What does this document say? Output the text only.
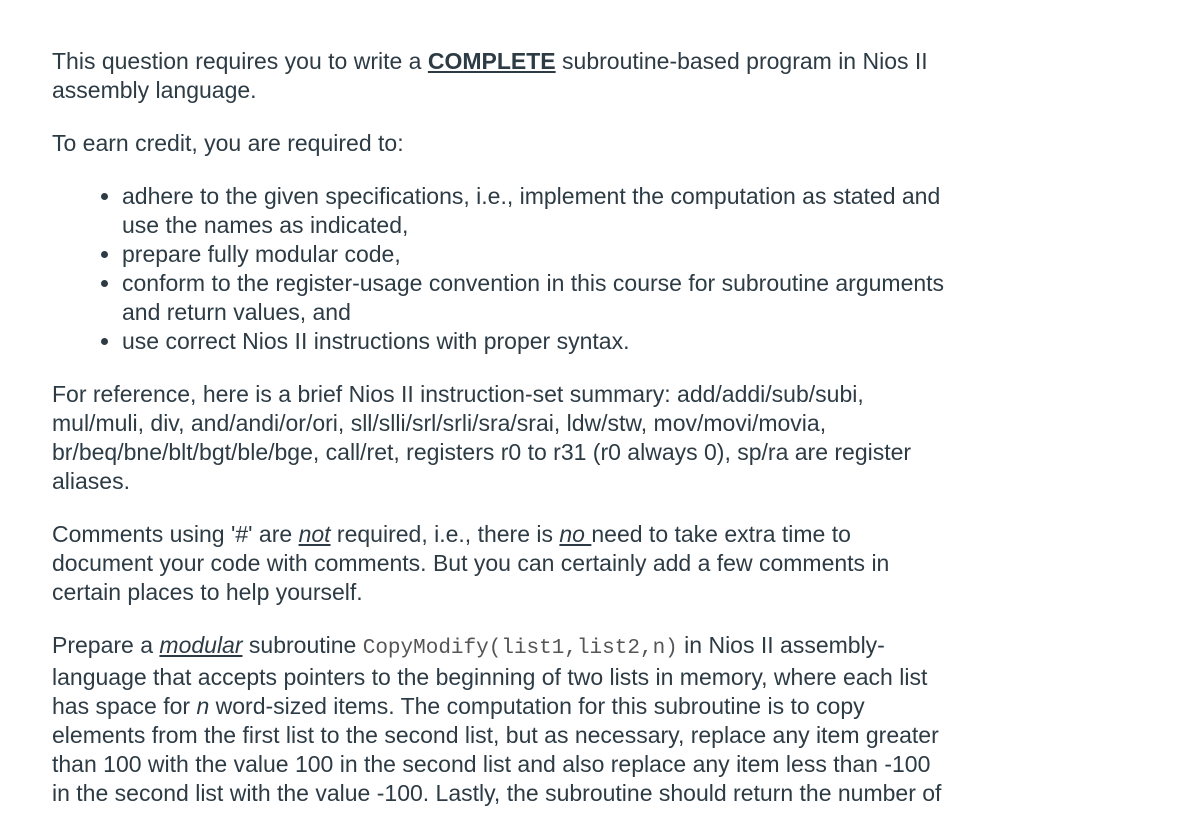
This question requires you to write a COMPLETE subroutine-based program in Nios II assembly language.

To earn credit, you are required to:

• adhere to the given specifications, i.e., implement the computation as stated and use the names as indicated,
• prepare fully modular code,
• conform to the register-usage convention in this course for subroutine arguments and return values, and
• use correct Nios II instructions with proper syntax.

For reference, here is a brief Nios II instruction-set summary: add/addi/sub/subi, mul/muli, div, and/andi/or/ori, sll/slli/srl/srli/sra/srai, ldw/stw, mov/movi/movia, br/beq/bne/blt/bgt/ble/bge, call/ret, registers r0 to r31 (r0 always 0), sp/ra are register aliases.

Comments using '#' are not required, i.e., there is no need to take extra time to document your code with comments. But you can certainly add a few comments in certain places to help yourself.

Prepare a modular subroutine CopyModify(list1,list2,n) in Nios II assembly-language that accepts pointers to the beginning of two lists in memory, where each list has space for n word-sized items. The computation for this subroutine is to copy elements from the first list to the second list, but as necessary, replace any item greater than 100 with the value 100 in the second list and also replace any item less than -100 in the second list with the value -100. Lastly, the subroutine should return the number of
